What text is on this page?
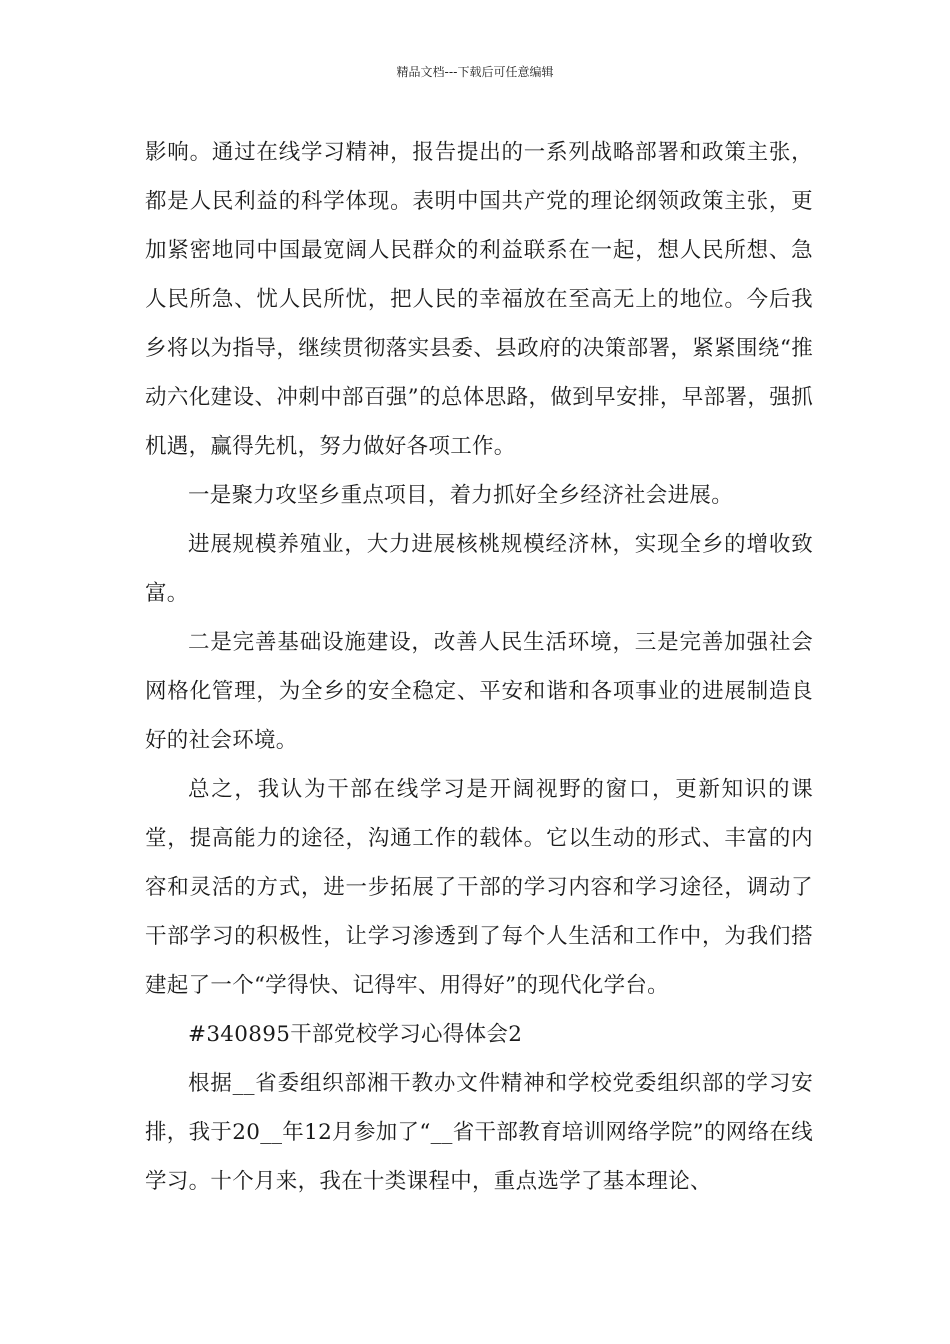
精品文档---下载后可任意编辑

影响。通过在线学习精神，报告提出的一系列战略部署和政策主张，都是人民利益的科学体现。表明中国共产党的理论纲领政策主张，更加紧密地同中国最宽阔人民群众的利益联系在一起，想人民所想、急人民所急、忧人民所忧，把人民的幸福放在至高无上的地位。今后我乡将以为指导，继续贯彻落实县委、县政府的决策部署，紧紧围绕“推动六化建设、冲刺中部百强”的总体思路，做到早安排，早部署，强抓机遇，赢得先机，努力做好各项工作。

一是聚力攻坚乡重点项目，着力抓好全乡经济社会进展。

进展规模养殖业，大力进展核桃规模经济林，实现全乡的增收致富。

二是完善基础设施建设，改善人民生活环境，三是完善加强社会网格化管理，为全乡的安全稳定、平安和谐和各项事业的进展制造良好的社会环境。

总之，我认为干部在线学习是开阔视野的窗口，更新知识的课堂，提高能力的途径，沟通工作的载体。它以生动的形式、丰富的内容和灵活的方式，进一步拓展了干部的学习内容和学习途径，调动了干部学习的积极性，让学习渗透到了每个人生活和工作中，为我们搭建起了一个“学得快、记得牢、用得好”的现代化学台。

#340895干部党校学习心得体会2

根据__省委组织部湘干教办文件精神和学校党委组织部的学习安排，我于20__年12月参加了“__省干部教育培训网络学院”的网络在线学习。十个月来，我在十类课程中，重点选学了基本理论、
